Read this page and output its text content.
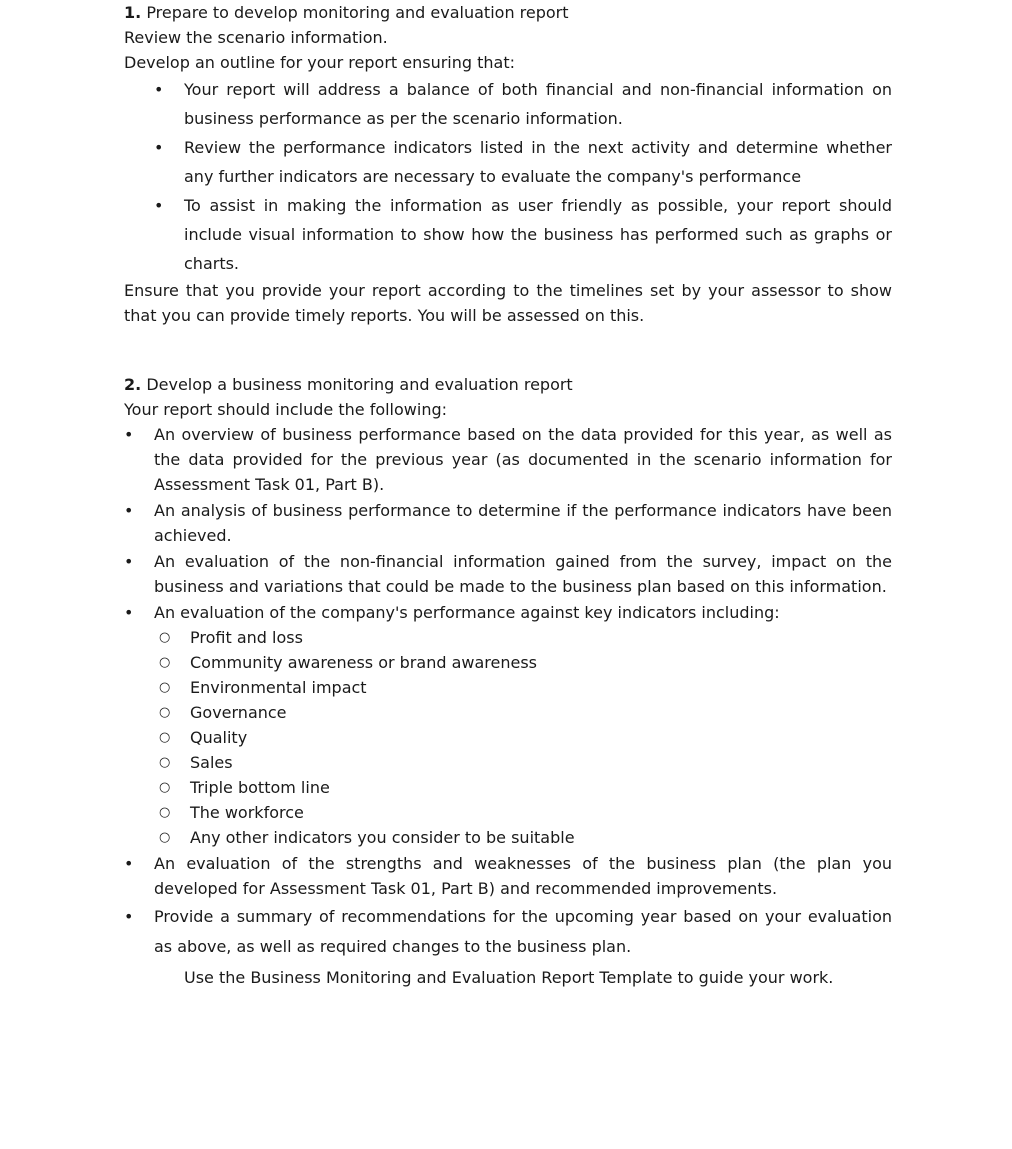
1. Prepare to develop monitoring and evaluation report

Review the scenario information.

Develop an outline for your report ensuring that:

• Your report will address a balance of both financial and non-financial information on business performance as per the scenario information.
• Review the performance indicators listed in the next activity and determine whether any further indicators are necessary to evaluate the company's performance
• To assist in making the information as user friendly as possible, your report should include visual information to show how the business has performed such as graphs or charts.

Ensure that you provide your report according to the timelines set by your assessor to show that you can provide timely reports. You will be assessed on this.

2. Develop a business monitoring and evaluation report

Your report should include the following:

• An overview of business performance based on the data provided for this year, as well as the data provided for the previous year (as documented in the scenario information for Assessment Task 01, Part B).
• An analysis of business performance to determine if the performance indicators have been achieved.
• An evaluation of the non-financial information gained from the survey, impact on the business and variations that could be made to the business plan based on this information.
• An evaluation of the company's performance against key indicators including:
○ Profit and loss
○ Community awareness or brand awareness
○ Environmental impact
○ Governance
○ Quality
○ Sales
○ Triple bottom line
○ The workforce
○ Any other indicators you consider to be suitable
• An evaluation of the strengths and weaknesses of the business plan (the plan you developed for Assessment Task 01, Part B) and recommended improvements.
• Provide a summary of recommendations for the upcoming year based on your evaluation as above, as well as required changes to the business plan.

Use the Business Monitoring and Evaluation Report Template to guide your work.
